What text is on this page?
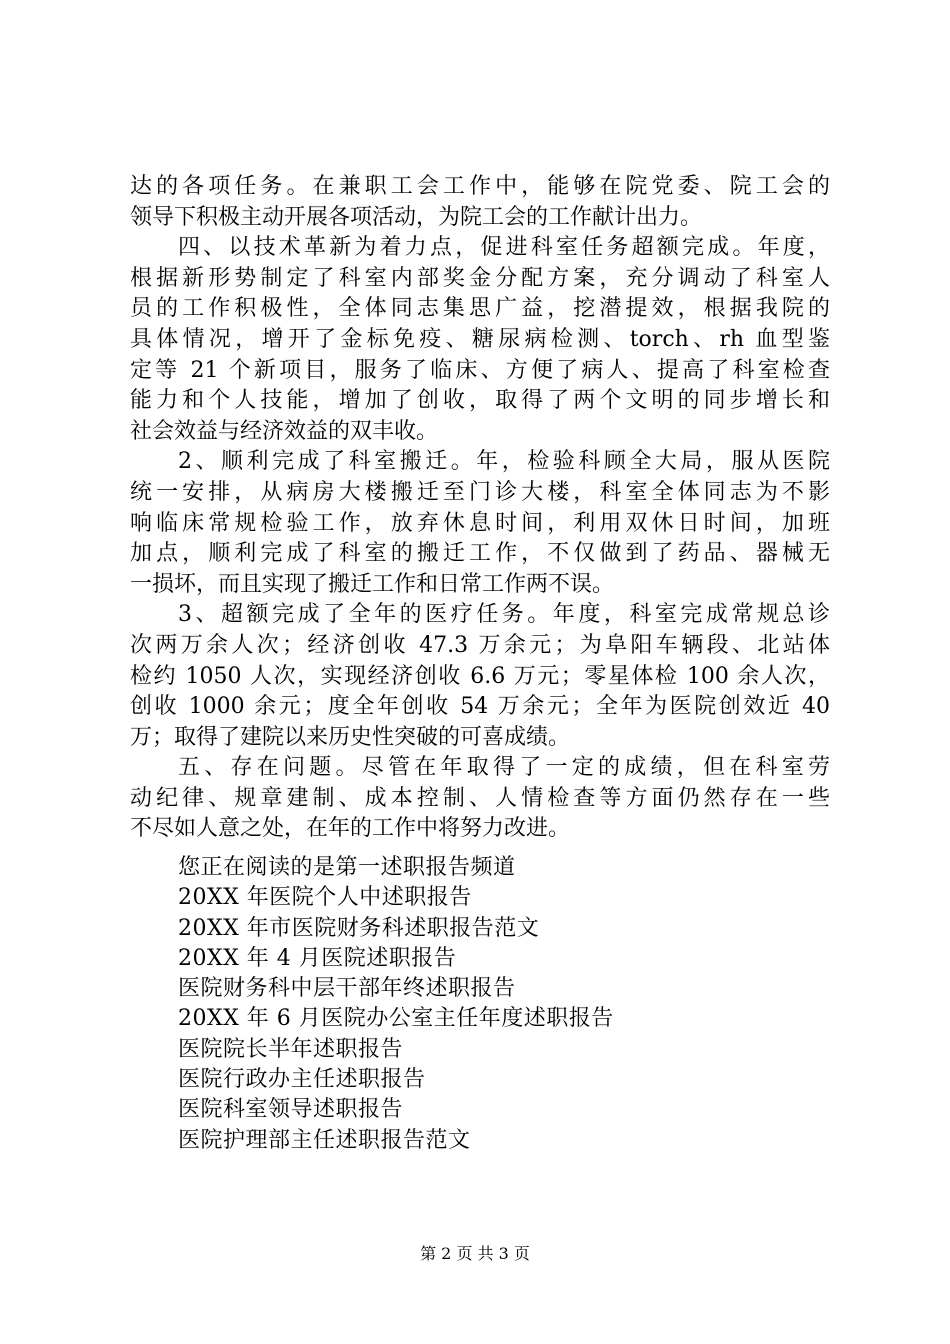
达的各项任务。在兼职工会工作中，能够在院党委、院工会的
领导下积极主动开展各项活动，为院工会的工作献计出力。
四、以技术革新为着力点，促进科室任务超额完成。年度，
根据新形势制定了科室内部奖金分配方案，充分调动了科室人
员的工作积极性，全体同志集思广益，挖潜提效，根据我院的
具体情况，增开了金标免疫、糖尿病检测、torch、rh 血型鉴
定等 21 个新项目，服务了临床、方便了病人、提高了科室检查
能力和个人技能，增加了创收，取得了两个文明的同步增长和
社会效益与经济效益的双丰收。
2、顺利完成了科室搬迁。年，检验科顾全大局，服从医院
统一安排，从病房大楼搬迁至门诊大楼，科室全体同志为不影
响临床常规检验工作，放弃休息时间，利用双休日时间，加班
加点，顺利完成了科室的搬迁工作，不仅做到了药品、器械无
一损坏，而且实现了搬迁工作和日常工作两不误。
3、超额完成了全年的医疗任务。年度，科室完成常规总诊
次两万余人次；经济创收 47.3 万余元；为阜阳车辆段、北站体
检约 1050 人次，实现经济创收 6.6 万元；零星体检 100 余人次，
创收 1000 余元；度全年创收 54 万余元；全年为医院创效近 40
万；取得了建院以来历史性突破的可喜成绩。
五、存在问题。尽管在年取得了一定的成绩，但在科室劳
动纪律、规章建制、成本控制、人情检查等方面仍然存在一些
不尽如人意之处，在年的工作中将努力改进。
您正在阅读的是第一述职报告频道
20XX 年医院个人中述职报告
20XX 年市医院财务科述职报告范文
20XX 年 4 月医院述职报告
医院财务科中层干部年终述职报告
20XX 年 6 月医院办公室主任年度述职报告
医院院长半年述职报告
医院行政办主任述职报告
医院科室领导述职报告
医院护理部主任述职报告范文
第 2 页 共 3 页
